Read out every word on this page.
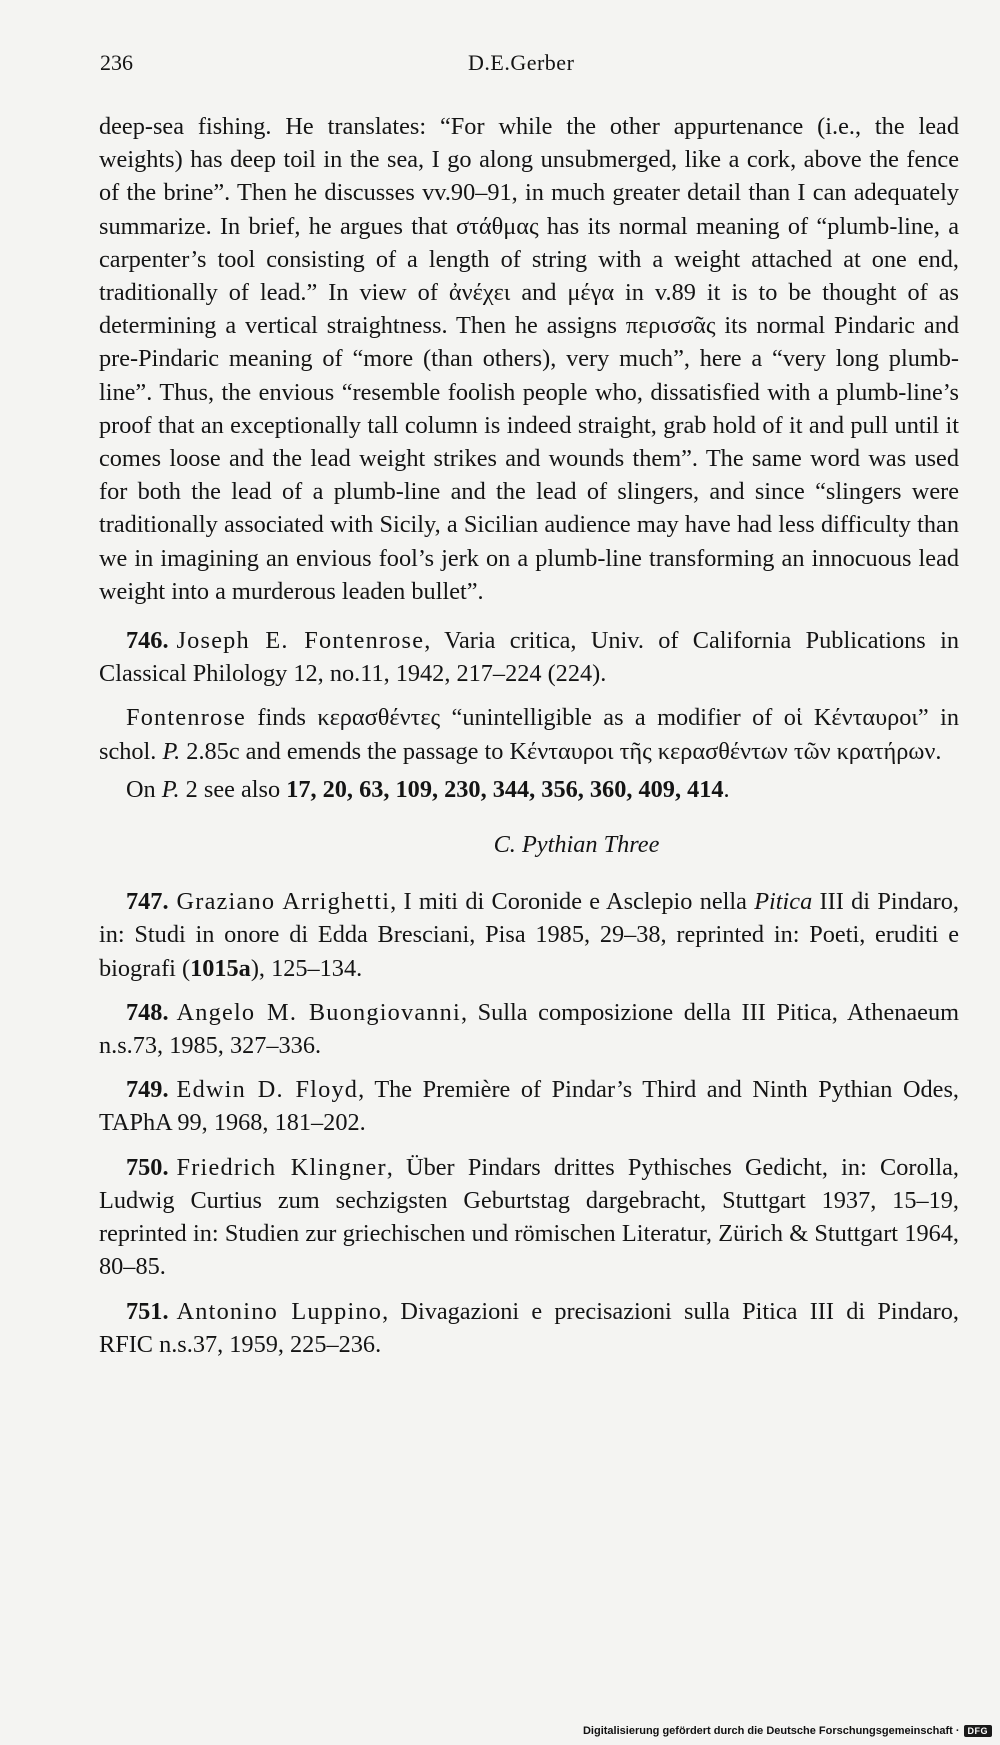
236	D.E.Gerber

deep-sea fishing. He translates: “For while the other appurtenance (i.e., the lead weights) has deep toil in the sea, I go along unsubmerged, like a cork, above the fence of the brine”. Then he discusses vv.90–91, in much greater detail than I can adequately summarize. In brief, he argues that στάθμας has its normal meaning of “plumb-line, a carpenter’s tool consisting of a length of string with a weight attached at one end, traditionally of lead.” In view of ἀνέχει and μέγα in v.89 it is to be thought of as determining a vertical straightness. Then he assigns περισσᾶς its normal Pindaric and pre-Pindaric meaning of “more (than others), very much”, here a “very long plumb-line”. Thus, the envious “resemble foolish people who, dissatisfied with a plumb-line’s proof that an exceptionally tall column is indeed straight, grab hold of it and pull until it comes loose and the lead weight strikes and wounds them”. The same word was used for both the lead of a plumb-line and the lead of slingers, and since “slingers were traditionally associated with Sicily, a Sicilian audience may have had less difficulty than we in imagining an envious fool’s jerk on a plumb-line transforming an innocuous lead weight into a murderous leaden bullet”.

746. Joseph E. Fontenrose, Varia critica, Univ. of California Publications in Classical Philology 12, no.11, 1942, 217–224 (224).

Fontenrose finds κερασθέντες “unintelligible as a modifier of οἱ Κένταυροι” in schol. P. 2.85c and emends the passage to Κένταυροι τῆς κερασθέντων τῶν κρατήρων.

On P. 2 see also 17, 20, 63, 109, 230, 344, 356, 360, 409, 414.

C. Pythian Three

747. Graziano Arrighetti, I miti di Coronide e Asclepio nella Pitica III di Pindaro, in: Studi in onore di Edda Bresciani, Pisa 1985, 29–38, reprinted in: Poeti, eruditi e biografi (1015a), 125–134.

748. Angelo M. Buongiovanni, Sulla composizione della III Pitica, Athenaeum n.s.73, 1985, 327–336.

749. Edwin D. Floyd, The Première of Pindar’s Third and Ninth Pythian Odes, TAPhA 99, 1968, 181–202.

750. Friedrich Klingner, Über Pindars drittes Pythisches Gedicht, in: Corolla, Ludwig Curtius zum sechzigsten Geburtstag dargebracht, Stuttgart 1937, 15–19, reprinted in: Studien zur griechischen und römischen Literatur, Zürich & Stuttgart 1964, 80–85.

751. Antonino Luppino, Divagazioni e precisazioni sulla Pitica III di Pindaro, RFIC n.s.37, 1959, 225–236.

Digitalisierung gefördert durch die Deutsche Forschungsgemeinschaft · DFG
